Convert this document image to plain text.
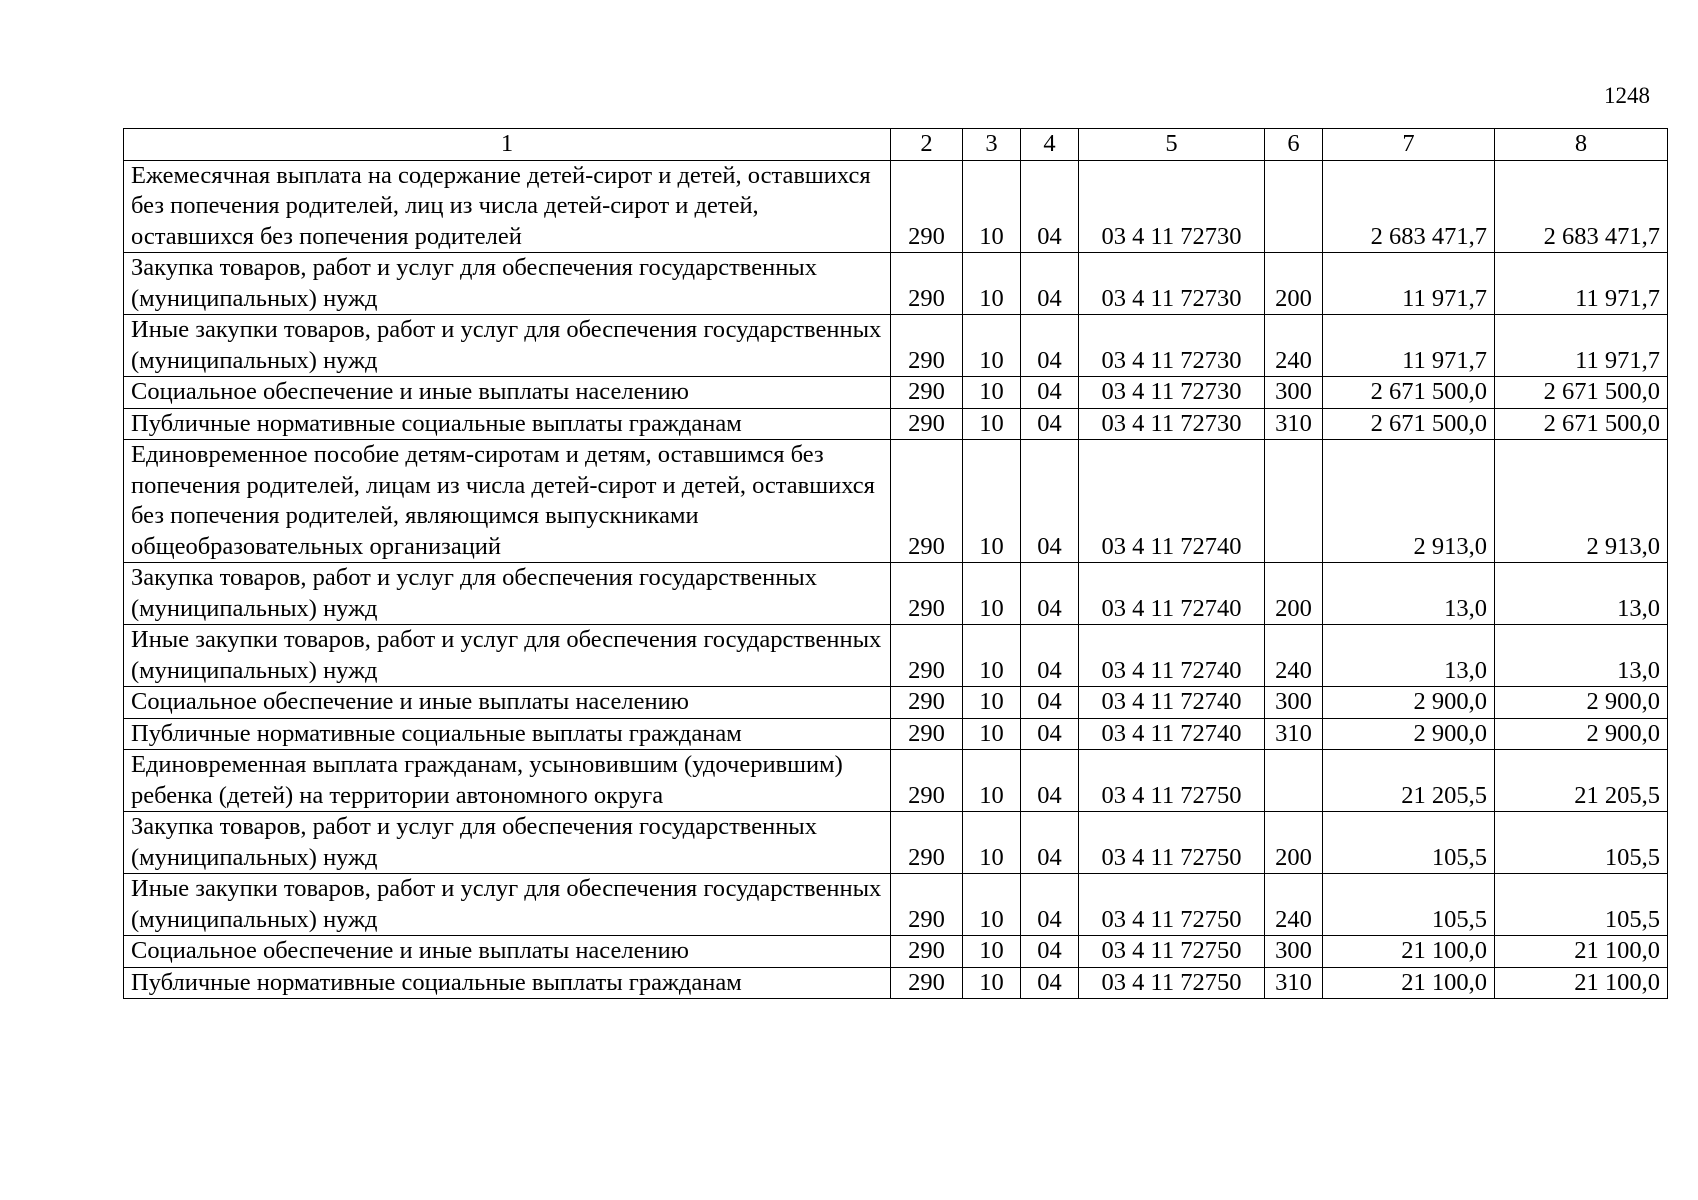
1248
1	2	3	4	5	6	7	8
Ежемесячная выплата на содержание детей-сирот и детей, оставшихся без попечения родителей, лиц из числа детей-сирот и детей, оставшихся без попечения родителей	290	10	04	03 4 11 72730		2 683 471,7	2 683 471,7
Закупка товаров, работ и услуг для обеспечения государственных (муниципальных) нужд	290	10	04	03 4 11 72730	200	11 971,7	11 971,7
Иные закупки товаров, работ и услуг для обеспечения государственных (муниципальных) нужд	290	10	04	03 4 11 72730	240	11 971,7	11 971,7
Социальное обеспечение и иные выплаты населению	290	10	04	03 4 11 72730	300	2 671 500,0	2 671 500,0
Публичные нормативные социальные выплаты гражданам	290	10	04	03 4 11 72730	310	2 671 500,0	2 671 500,0
Единовременное пособие детям-сиротам и детям, оставшимся без попечения родителей, лицам из числа детей-сирот и детей, оставшихся без попечения родителей, являющимся выпускниками общеобразовательных организаций	290	10	04	03 4 11 72740		2 913,0	2 913,0
Закупка товаров, работ и услуг для обеспечения государственных (муниципальных) нужд	290	10	04	03 4 11 72740	200	13,0	13,0
Иные закупки товаров, работ и услуг для обеспечения государственных (муниципальных) нужд	290	10	04	03 4 11 72740	240	13,0	13,0
Социальное обеспечение и иные выплаты населению	290	10	04	03 4 11 72740	300	2 900,0	2 900,0
Публичные нормативные социальные выплаты гражданам	290	10	04	03 4 11 72740	310	2 900,0	2 900,0
Единовременная выплата гражданам, усыновившим (удочерившим) ребенка (детей) на территории автономного округа	290	10	04	03 4 11 72750		21 205,5	21 205,5
Закупка товаров, работ и услуг для обеспечения государственных (муниципальных) нужд	290	10	04	03 4 11 72750	200	105,5	105,5
Иные закупки товаров, работ и услуг для обеспечения государственных (муниципальных) нужд	290	10	04	03 4 11 72750	240	105,5	105,5
Социальное обеспечение и иные выплаты населению	290	10	04	03 4 11 72750	300	21 100,0	21 100,0
Публичные нормативные социальные выплаты гражданам	290	10	04	03 4 11 72750	310	21 100,0	21 100,0
